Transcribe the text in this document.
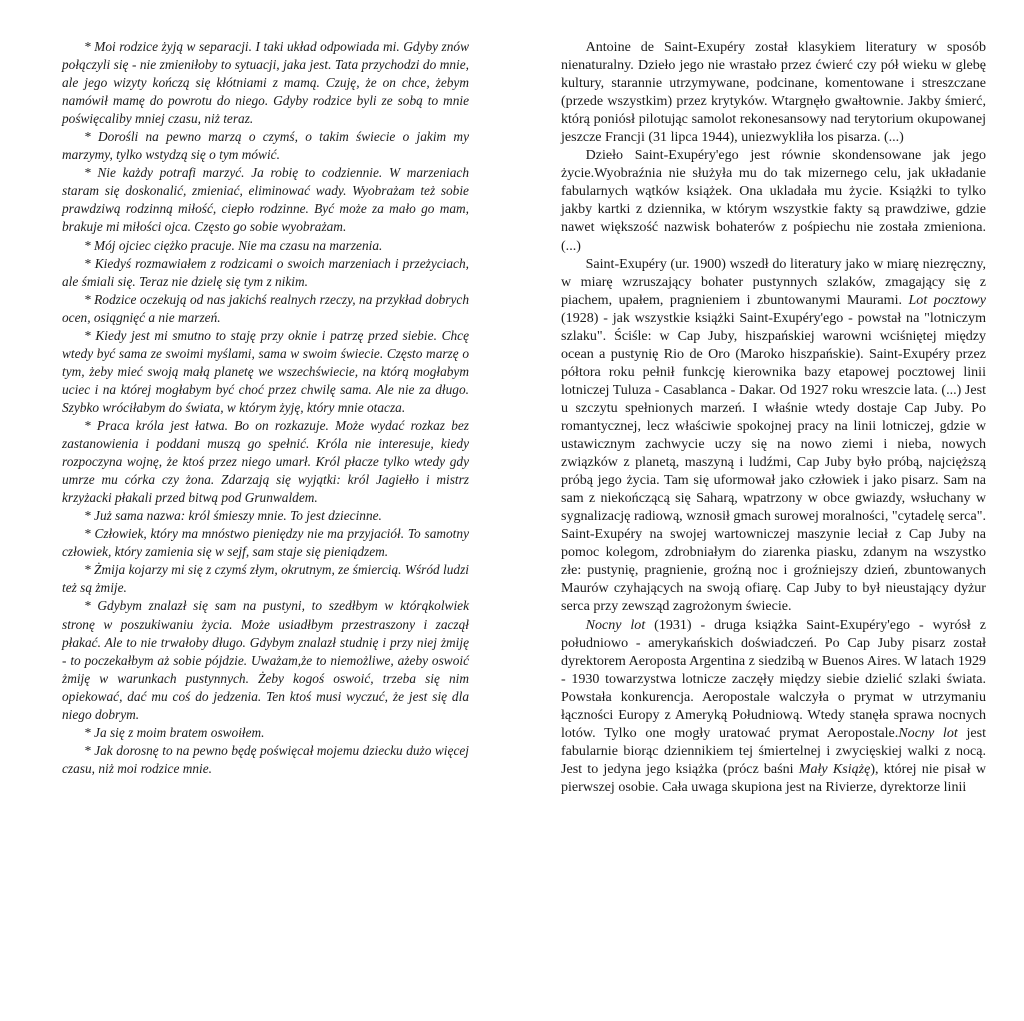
* Moi rodzice żyją w separacji. I taki układ odpowiada mi. Gdyby znów połączyli się - nie zmieniłoby to sytuacji, jaka jest. Tata przychodzi do mnie, ale jego wizyty kończą się kłótniami z mamą. Czuję, że on chce, żebym namówił mamę do powrotu do niego. Gdyby rodzice byli ze sobą to mnie poświęcaliby mniej czasu, niż teraz.

* Dorośli na pewno marzą o czymś, o takim świecie o jakim my marzymy, tylko wstydzą się o tym mówić.

* Nie każdy potrafi marzyć. Ja robię to codziennie. W marzeniach staram się doskonalić, zmieniać, eliminować wady. Wyobrażam też sobie prawdziwą rodzinną miłość, ciepło rodzinne. Być może za mało go mam, brakuje mi miłości ojca. Często go sobie wyobrażam.

* Mój ojciec ciężko pracuje. Nie ma czasu na marzenia.

* Kiedyś rozmawiałem z rodzicami o swoich marzeniach i przeżyciach, ale śmiali się. Teraz nie dzielę się tym z nikim.

* Rodzice oczekują od nas jakichś realnych rzeczy, na przykład dobrych ocen, osiągnięć a nie marzeń.

* Kiedy jest mi smutno to staję przy oknie i patrzę przed siebie. Chcę wtedy być sama ze swoimi myślami, sama w swoim świecie. Często marzę o tym, żeby mieć swoją małą planetę we wszechświecie, na którą mogłabym uciec i na której mogłabym być choć przez chwilę sama. Ale nie za długo. Szybko wróciłabym do świata, w którym żyję, który mnie otacza.

* Praca króla jest łatwa. Bo on rozkazuje. Może wydać rozkaz bez zastanowienia i poddani muszą go spełnić. Króla nie interesuje, kiedy rozpoczyna wojnę, że ktoś przez niego umarł. Król płacze tylko wtedy gdy umrze mu córka czy żona. Zdarzają się wyjątki: król Jagiełło i mistrz krzyżacki płakali przed bitwą pod Grunwaldem.

* Już sama nazwa: król śmieszy mnie. To jest dziecinne.

* Człowiek, który ma mnóstwo pieniędzy nie ma przyjaciół. To samotny człowiek, który zamienia się w sejf, sam staje się pieniądzem.

* Żmija kojarzy mi się z czymś złym, okrutnym, ze śmiercią. Wśród ludzi też są żmije.

* Gdybym znalazł się sam na pustyni, to szedłbym w którąkolwiek stronę w poszukiwaniu życia. Może usiadłbym przestraszony i zaczął płakać. Ale to nie trwałoby długo. Gdybym znalazł studnię i przy niej żmiję - to poczekałbym aż sobie pójdzie. Uważam,że to niemożliwe, ażeby oswoić żmiję w warunkach pustynnych. Żeby kogoś oswoić, trzeba się nim opiekować, dać mu coś do jedzenia. Ten ktoś musi wyczuć, że jest się dla niego dobrym.

* Ja się z moim bratem oswoiłem.

* Jak dorosnę to na pewno będę poświęcał mojemu dziecku dużo więcej czasu, niż moi rodzice mnie.

Antoine de Saint-Exupéry został klasykiem literatury w sposób nienaturalny. Dzieło jego nie wrastało przez ćwierć czy pół wieku w glebę kultury, starannie utrzymywane, podcinane, komentowane i streszczane (przede wszystkim) przez krytyków. Wtargnęło gwałtownie. Jakby śmierć, którą poniósł pilotując samolot rekonesansowy nad terytorium okupowanej jeszcze Francji (31 lipca 1944), uniezwykliła los pisarza. (...)

Dzieło Saint-Exupéry'ego jest równie skondensowane jak jego życie.Wyobraźnia nie służyła mu do tak mizernego celu, jak układanie fabularnych wątków książek. Ona ukladała mu życie. Książki to tylko jakby kartki z dziennika, w którym wszystkie fakty są prawdziwe, gdzie nawet większość nazwisk bohaterów z pośpiechu nie została zmieniona.(...)

Saint-Exupéry (ur. 1900) wszedł do literatury jako w miarę niezręczny, w miarę wzruszający bohater pustynnych szlaków, zmagający się z piachem, upałem, pragnieniem i zbuntowanymi Maurami. Lot pocztowy (1928) - jak wszystkie książki Saint-Exupéry'ego - powstał na "lotniczym szlaku". Ściśle: w Cap Juby, hiszpańskiej warowni wciśniętej między ocean a pustynię Rio de Oro (Maroko hiszpańskie). Saint-Exupéry przez półtora roku pełnił funkcję kierownika bazy etapowej pocztowej linii lotniczej Tuluza - Casablanca - Dakar. Od 1927 roku wreszcie lata. (...) Jest u szczytu spełnionych marzeń. I właśnie wtedy dostaje Cap Juby. Po romantycznej, lecz właściwie spokojnej pracy na linii lotniczej, gdzie w ustawicznym zachwycie uczy się na nowo ziemi i nieba, nowych związków z planetą, maszyną i ludźmi, Cap Juby było próbą, najcięższą próbą jego życia. Tam się uformował jako człowiek i jako pisarz. Sam na sam z niekończącą się Saharą, wpatrzony w obce gwiazdy, wsłuchany w sygnalizację radiową, wznosił gmach surowej moralności, "cytadelę serca". Saint-Exupéry na swojej wartowniczej maszynie leciał z Cap Juby na pomoc kolegom, zdrobniałym do ziarenka piasku, zdanym na wszystko złe: pustynię, pragnienie, groźną noc i groźniejszy dzień, zbuntowanych Maurów czyhających na swoją ofiarę. Cap Juby to był nieustający dyżur serca przy zewsząd zagrożonym świecie.

Nocny lot (1931) - druga książka Saint-Exupéry'ego - wyrósł z południowo - amerykańskich doświadczeń. Po Cap Juby pisarz został dyrektorem Aeroposta Argentina z siedzibą w Buenos Aires. W latach 1929 - 1930 towarzystwa lotnicze zaczęły między siebie dzielić szlaki świata. Powstała konkurencja. Aeropostale walczyła o prymat w utrzymaniu łączności Europy z Ameryką Południową. Wtedy stanęła sprawa nocnych lotów. Tylko one mogły uratować prymat Aeropostale.Nocny lot jest fabularnie biorąc dziennikiem tej śmiertelnej i zwycięskiej walki z nocą. Jest to jedyna jego książka (prócz baśni Mały Książę), której nie pisał w pierwszej osobie. Cała uwaga skupiona jest na Rivierze, dyrektorze linii
